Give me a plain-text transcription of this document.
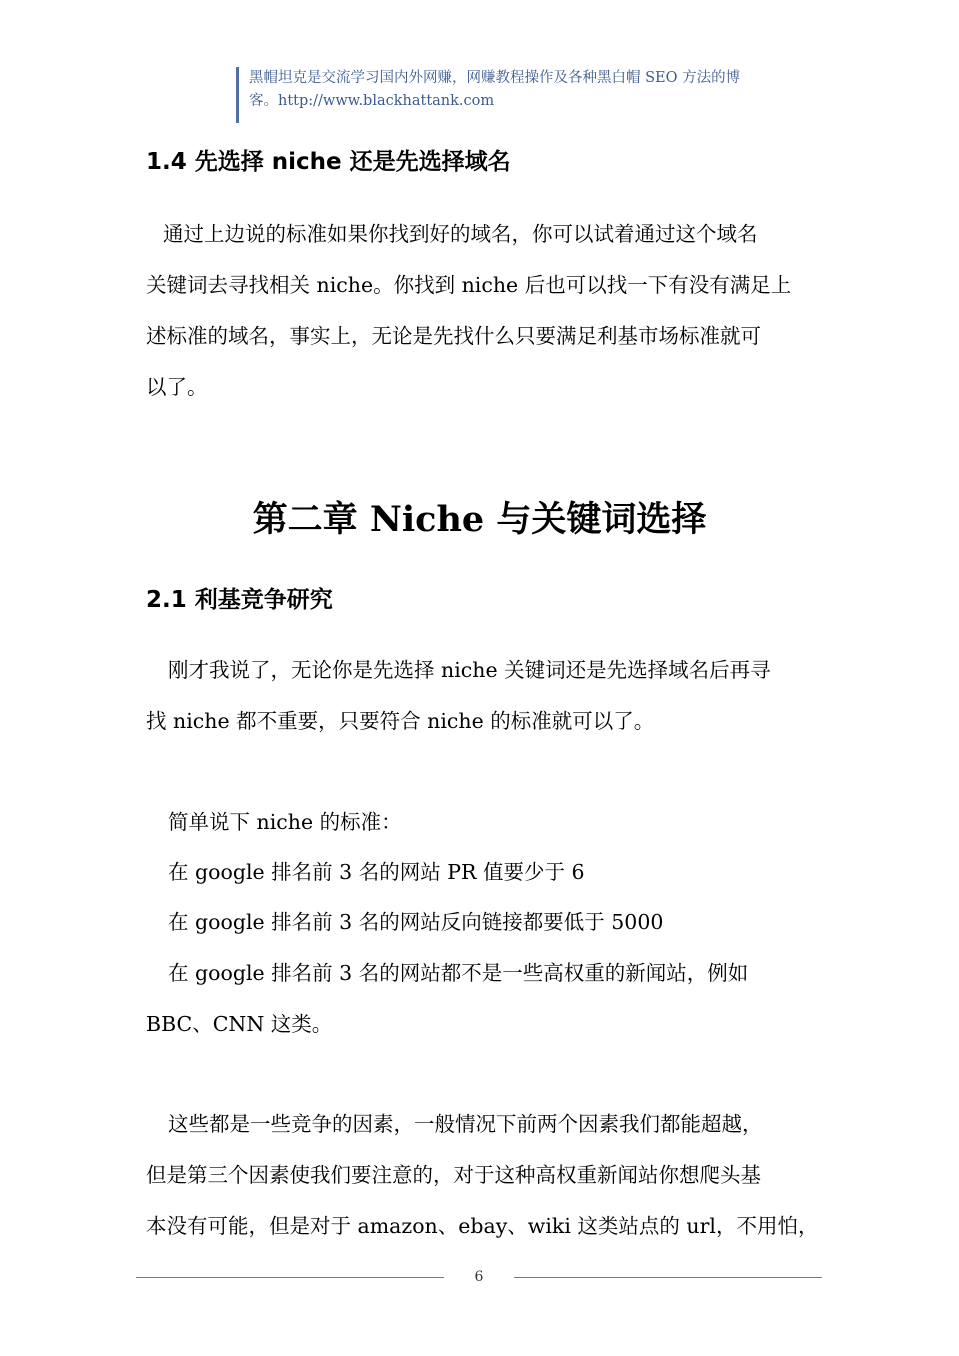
黑帽坦克是交流学习国内外网赚，网赚教程操作及各种黑白帽 SEO 方法的博
客。http://www.blackhattank.com
1.4 先选择 niche 还是先选择域名
通过上边说的标准如果你找到好的域名，你可以试着通过这个域名
关键词去寻找相关 niche。你找到 niche 后也可以找一下有没有满足上
述标准的域名，事实上，无论是先找什么只要满足利基市场标准就可
以了。
第二章 Niche 与关键词选择
2.1 利基竞争研究
刚才我说了，无论你是先选择 niche 关键词还是先选择域名后再寻
找 niche 都不重要，只要符合 niche 的标准就可以了。

简单说下 niche 的标准：

在 google 排名前 3 名的网站 PR 值要少于 6

在 google 排名前 3 名的网站反向链接都要低于 5000

在 google 排名前 3 名的网站都不是一些高权重的新闻站，例如
BBC、CNN 这类。
这些都是一些竞争的因素，一般情况下前两个因素我们都能超越，
但是第三个因素使我们要注意的，对于这种高权重新闻站你想爬头基
本没有可能，但是对于 amazon、ebay、wiki 这类站点的 url，不用怕，
6
